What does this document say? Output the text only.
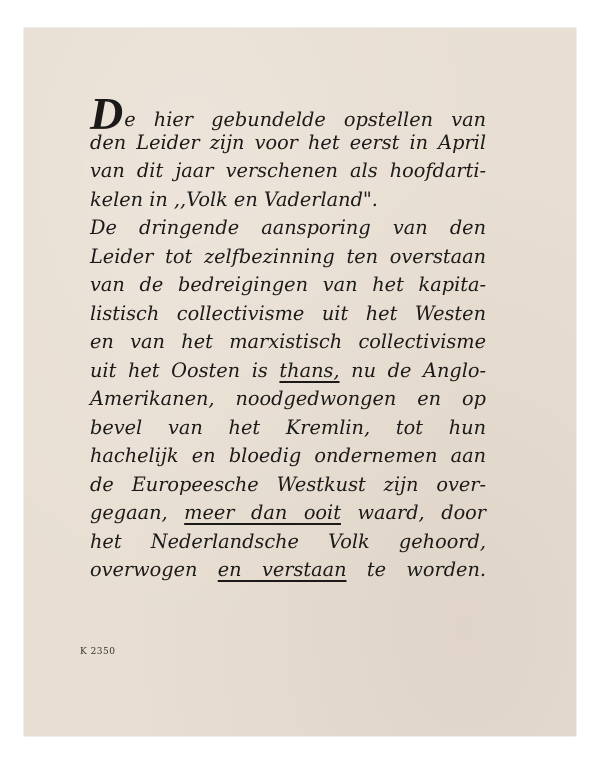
De hier gebundelde opstellen van
den Leider zijn voor het eerst in April
van dit jaar verschenen als hoofdarti-
kelen in ,,Volk en Vaderland".
De dringende aansporing van den
Leider tot zelfbezinning ten overstaan
van de bedreigingen van het kapita-
listisch collectivisme uit het Westen
en van het marxistisch collectivisme
uit het Oosten is thans, nu de Anglo-
Amerikanen, noodgedwongen en op
bevel van het Kremlin, tot hun
hachelijk en bloedig ondernemen aan
de Europeesche Westkust zijn over-
gegaan, meer dan ooit waard, door
het Nederlandsche Volk gehoord,
overwogen en verstaan te worden.
K 2350
